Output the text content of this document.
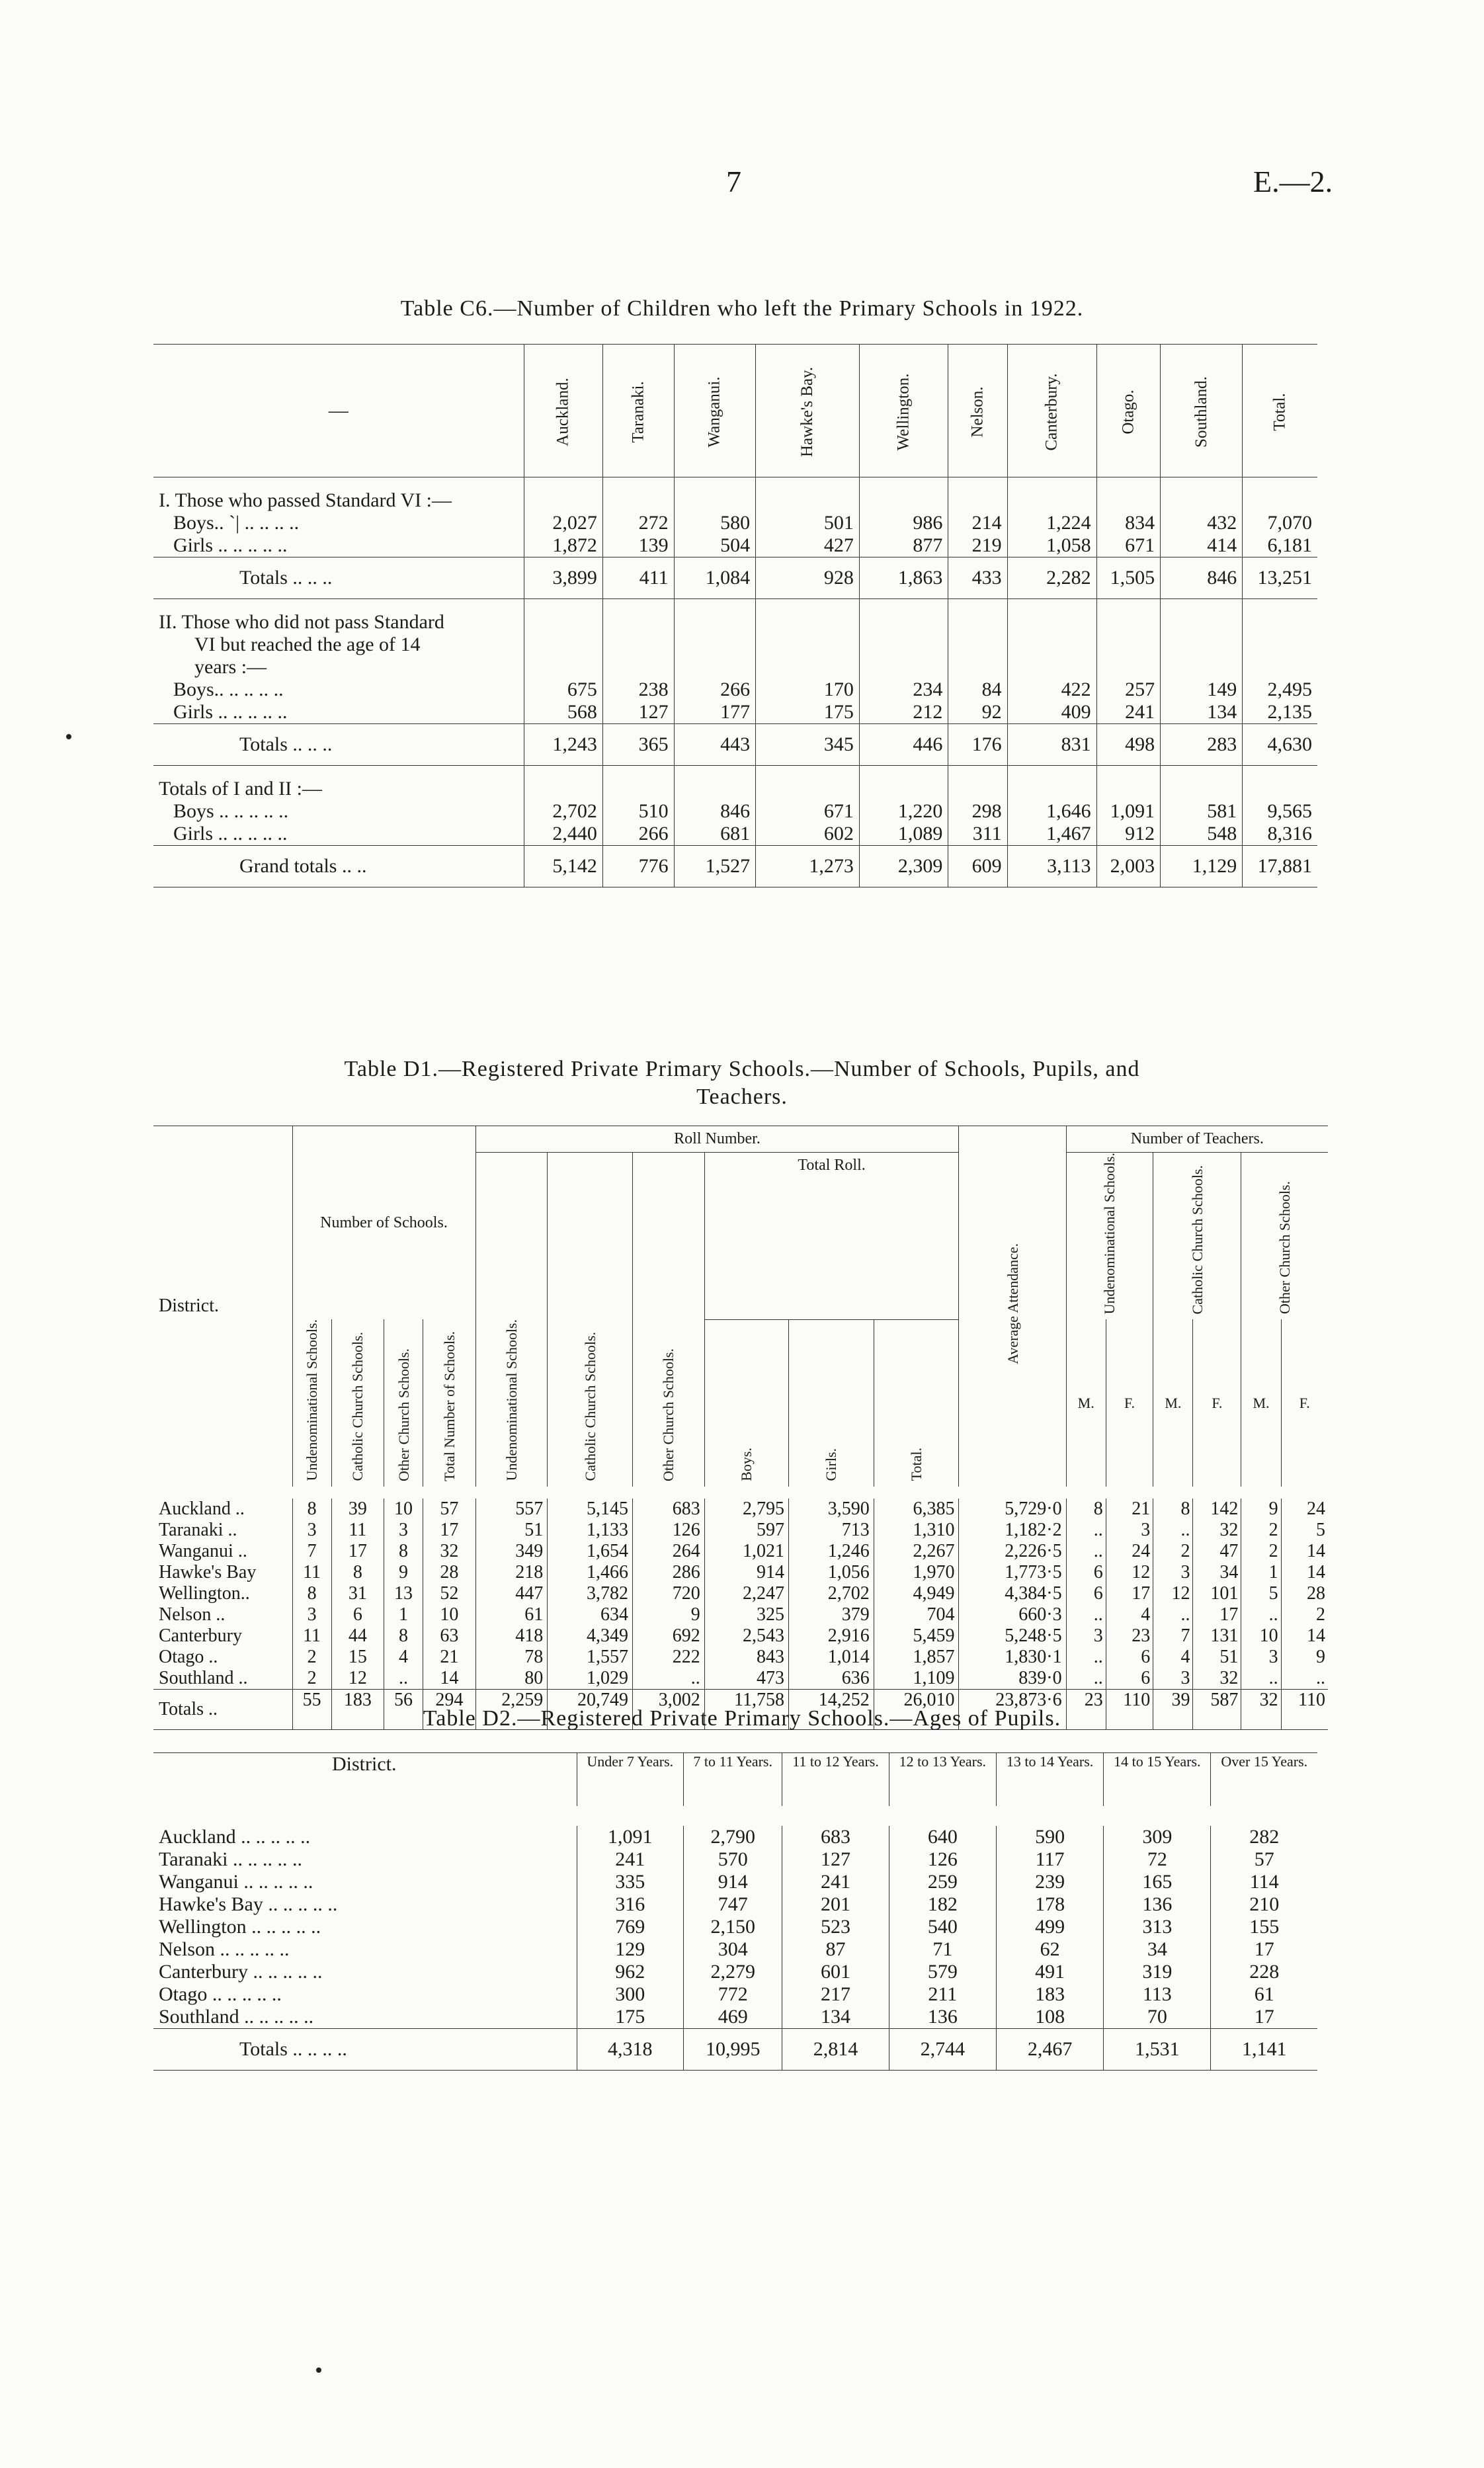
7	E.—2.
Table C6.—Number of Children who left the Primary Schools in 1922.
—	Auckland.	Taranaki.	Wanganui.	Hawke's Bay.	Wellington.	Nelson.	Canterbury.	Otago.	Southland.	Total.

I. Those who passed Standard VI :—										
Boys.. `| .. .. .. ..	2,027	272	580	501	986	214	1,224	834	432	7,070
Girls .. .. .. .. ..	1,872	139	504	427	877	219	1,058	671	414	6,181
Totals .. .. ..	3,899	411	1,084	928	1,863	433	2,282	1,505	846	13,251

II. Those who did not pass Standard										
VI but reached the age of 14										
years :—										
Boys.. .. .. .. ..	675	238	266	170	234	84	422	257	149	2,495
Girls .. .. .. .. ..	568	127	177	175	212	92	409	241	134	2,135
Totals .. .. ..	1,243	365	443	345	446	176	831	498	283	4,630

Totals of I and II :—										
Boys .. .. .. .. ..	2,702	510	846	671	1,220	298	1,646	1,091	581	9,565
Girls .. .. .. .. ..	2,440	266	681	602	1,089	311	1,467	912	548	8,316
Grand totals .. ..	5,142	776	1,527	1,273	2,309	609	3,113	2,003	1,129	17,881
Table D1.—Registered Private Primary Schools.—Number of Schools, Pupils, and
Teachers.
District.	Number of Schools.				Roll Number.						Average Attendance.	Number of Teachers.					
					Undenominational Schools.	Catholic Church Schools.	Other Church Schools.	Total Roll.				Undenominational Schools.		Catholic Church Schools.		Other Church Schools.	
	Undenominational Schools.	Catholic Church Schools.	Other Church Schools.	Total Number of Schools.				Boys.	Girls.	Total.		M.	F.	M.	F.	M.	F.
Auckland ..	8	39	10	57	557	5,145	683	2,795	3,590	6,385	5,729·0	8	21	8	142	9	24
Taranaki ..	3	11	3	17	51	1,133	126	597	713	1,310	1,182·2	..	3	..	32	2	5
Wanganui ..	7	17	8	32	349	1,654	264	1,021	1,246	2,267	2,226·5	..	24	2	47	2	14
Hawke's Bay	11	8	9	28	218	1,466	286	914	1,056	1,970	1,773·5	6	12	3	34	1	14
Wellington..	8	31	13	52	447	3,782	720	2,247	2,702	4,949	4,384·5	6	17	12	101	5	28
Nelson ..	3	6	1	10	61	634	9	325	379	704	660·3	..	4	..	17	..	2
Canterbury	11	44	8	63	418	4,349	692	2,543	2,916	5,459	5,248·5	3	23	7	131	10	14
Otago ..	2	15	4	21	78	1,557	222	843	1,014	1,857	1,830·1	..	6	4	51	3	9
Southland ..	2	12	..	14	80	1,029	..	473	636	1,109	839·0	..	6	3	32	..	..
Totals ..	55	183	56	294	2,259	20,749	3,002	11,758	14,252	26,010	23,873·6	23	110	39	587	32	110
Table D2.—Registered Private Primary Schools.—Ages of Pupils.
District.	Under 7 Years.	7 to 11 Years.	11 to 12 Years.	12 to 13 Years.	13 to 14 Years.	14 to 15 Years.	Over 15 Years.
Auckland .. .. .. .. ..	1,091	2,790	683	640	590	309	282
Taranaki .. .. .. .. ..	241	570	127	126	117	72	57
Wanganui .. .. .. .. ..	335	914	241	259	239	165	114
Hawke's Bay .. .. .. .. ..	316	747	201	182	178	136	210
Wellington .. .. .. .. ..	769	2,150	523	540	499	313	155
Nelson .. .. .. .. ..	129	304	87	71	62	34	17
Canterbury .. .. .. .. ..	962	2,279	601	579	491	319	228
Otago .. .. .. .. ..	300	772	217	211	183	113	61
Southland .. .. .. .. ..	175	469	134	136	108	70	17
Totals .. .. .. ..	4,318	10,995	2,814	2,744	2,467	1,531	1,141
